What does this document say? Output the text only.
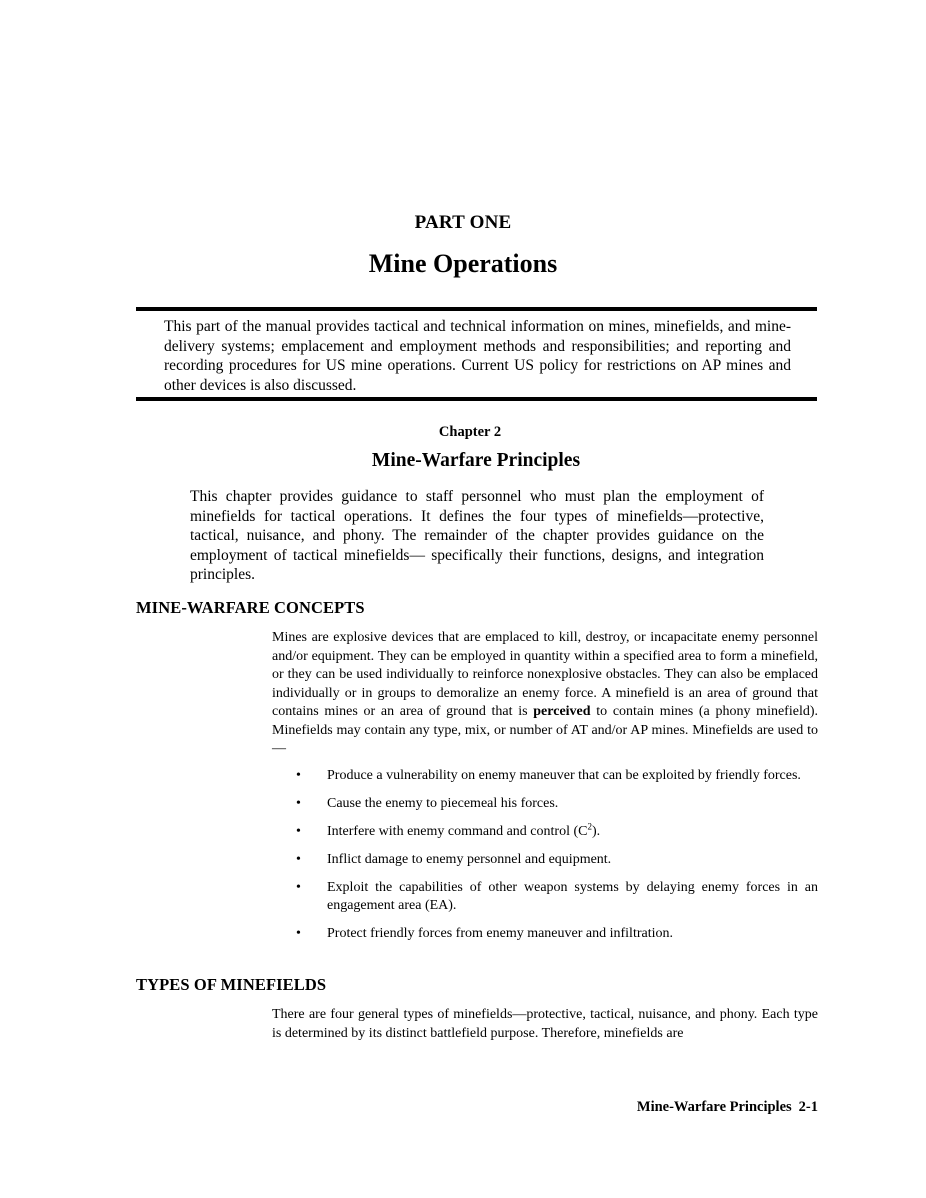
PART ONE
Mine Operations
This part of the manual provides tactical and technical information on mines, minefields, and mine-delivery systems; emplacement and employment methods and responsibilities; and reporting and recording procedures for US mine operations. Current US policy for restrictions on AP mines and other devices is also discussed.
Chapter 2
Mine-Warfare Principles
This chapter provides guidance to staff personnel who must plan the employment of minefields for tactical operations. It defines the four types of minefields—protective, tactical, nuisance, and phony. The remainder of the chapter provides guidance on the employment of tactical minefields— specifically their functions, designs, and integration principles.
MINE-WARFARE CONCEPTS
Mines are explosive devices that are emplaced to kill, destroy, or incapacitate enemy personnel and/or equipment. They can be employed in quantity within a specified area to form a minefield, or they can be used individually to reinforce nonexplosive obstacles. They can also be emplaced individually or in groups to demoralize an enemy force. A minefield is an area of ground that contains mines or an area of ground that is perceived to contain mines (a phony minefield). Minefields may contain any type, mix, or number of AT and/or AP mines. Minefields are used to—
• Produce a vulnerability on enemy maneuver that can be exploited by friendly forces.
• Cause the enemy to piecemeal his forces.
• Interfere with enemy command and control $(C^2)$.
• Inflict damage to enemy personnel and equipment.
• Exploit the capabilities of other weapon systems by delaying enemy forces in an engagement area (EA).
• Protect friendly forces from enemy maneuver and infiltration.
TYPES OF MINEFIELDS
There are four general types of minefields—protective, tactical, nuisance, and phony. Each type is determined by its distinct battlefield purpose. Therefore, minefields are
Mine-Warfare Principles 2-1
